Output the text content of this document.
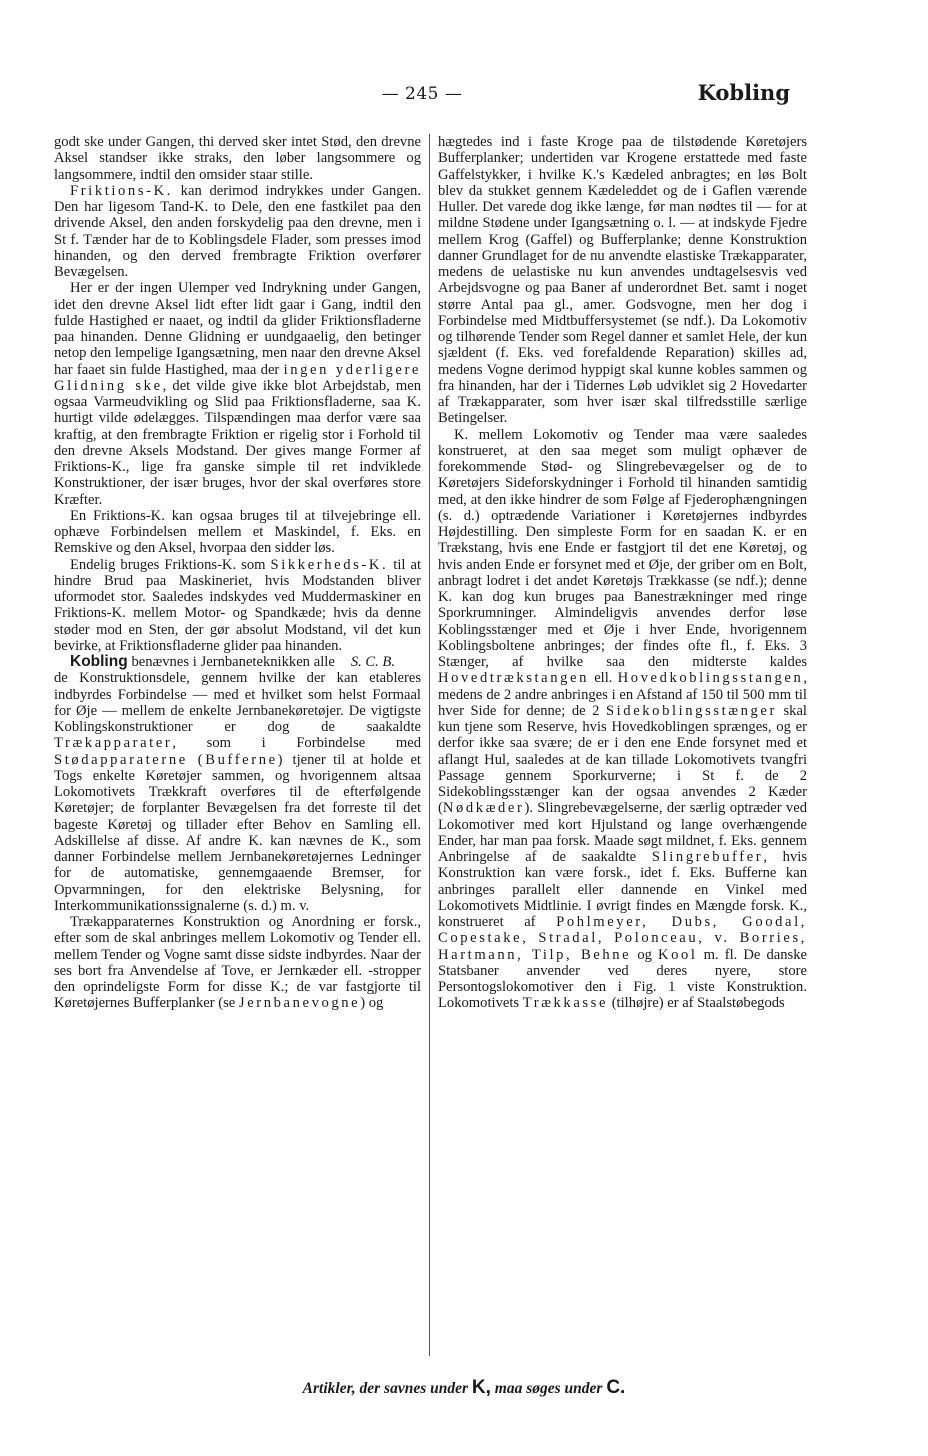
— 245 —	Kobling

godt ske under Gangen, thi derved sker intet Stød, den drevne Aksel standser ikke straks, den løber langsommere og langsommere, indtil den omsider staar stille.

Friktions-K. kan derimod indrykkes under Gangen. Den har ligesom Tand-K. to Dele, den ene fastkilet paa den drivende Aksel, den anden forskydelig paa den drevne, men i St f. Tænder har de to Koblingsdele Flader, som presses imod hinanden, og den derved frembragte Friktion overfører Bevægelsen.

Her er der ingen Ulemper ved Indrykning under Gangen, idet den drevne Aksel lidt efter lidt gaar i Gang, indtil den fulde Hastighed er naaet, og indtil da glider Friktionsfladerne paa hinanden. Denne Glidning er uundgaaelig, den betinger netop den lempelige Igangsætning, men naar den drevne Aksel har faaet sin fulde Hastighed, maa der ingen yderligere Glidning ske, det vilde give ikke blot Arbejdstab, men ogsaa Varmeudvikling og Slid paa Friktionsfladerne, saa K. hurtigt vilde ødelægges. Tilspændingen maa derfor være saa kraftig, at den frembragte Friktion er rigelig stor i Forhold til den drevne Aksels Modstand. Der gives mange Former af Friktions-K., lige fra ganske simple til ret indviklede Konstruktioner, der især bruges, hvor der skal overføres store Kræfter.

En Friktions-K. kan ogsaa bruges til at tilvejebringe ell. ophæve Forbindelsen mellem et Maskindel, f. Eks. en Remskive og den Aksel, hvorpaa den sidder løs.

Endelig bruges Friktions-K. som Sikkerheds-K. til at hindre Brud paa Maskineriet, hvis Modstanden bliver uformodet stor. Saaledes indskydes ved Muddermaskiner en Friktions-K. mellem Motor- og Spandkæde; hvis da denne støder mod en Sten, der gør absolut Modstand, vil det kun bevirke, at Friktionsfladerne glider paa hinanden.
S. C. B.

Kobling benævnes i Jernbaneteknikken alle de Konstruktionsdele, gennem hvilke der kan etableres indbyrdes Forbindelse — med et hvilket som helst Formaal for Øje — mellem de enkelte Jernbanekøretøjer. De vigtigste Koblingskonstruktioner er dog de saakaldte Trækapparater, som i Forbindelse med Stødapparaterne (Bufferne) tjener til at holde et Togs enkelte Køretøjer sammen, og hvorigennem altsaa Lokomotivets Trækkraft overføres til de efterfølgende Køretøjer; de forplanter Bevægelsen fra det forreste til det bageste Køretøj og tillader efter Behov en Samling ell. Adskillelse af disse. Af andre K. kan nævnes de K., som danner Forbindelse mellem Jernbanekøretøjernes Ledninger for de automatiske, gennemgaaende Bremser, for Opvarmningen, for den elektriske Belysning, for Interkommunikationssignalerne (s. d.) m. v.

Trækapparaternes Konstruktion og Anordning er forsk., efter som de skal anbringes mellem Lokomotiv og Tender ell. mellem Tender og Vogne samt disse sidste indbyrdes. Naar der ses bort fra Anvendelse af Tove, er Jernkæder ell. -stropper den oprindeligste Form for disse K.; de var fastgjorte til Køretøjernes Bufferplanker (se Jernbanevogne) og

hægtedes ind i faste Kroge paa de tilstødende Køretøjers Bufferplanker; undertiden var Krogene erstattede med faste Gaffelstykker, i hvilke K.'s Kædeled anbragtes; en løs Bolt blev da stukket gennem Kædeleddet og de i Gaflen værende Huller. Det varede dog ikke længe, før man nødtes til — for at mildne Stødene under Igangsætning o. l. — at indskyde Fjedre mellem Krog (Gaffel) og Bufferplanke; denne Konstruktion danner Grundlaget for de nu anvendte elastiske Trækapparater, medens de uelastiske nu kun anvendes undtagelsesvis ved Arbejdsvogne og paa Baner af underordnet Bet. samt i noget større Antal paa gl., amer. Godsvogne, men her dog i Forbindelse med Midtbuffersystemet (se ndf.). Da Lokomotiv og tilhørende Tender som Regel danner et samlet Hele, der kun sjældent (f. Eks. ved forefaldende Reparation) skilles ad, medens Vogne derimod hyppigt skal kunne kobles sammen og fra hinanden, har der i Tidernes Løb udviklet sig 2 Hovedarter af Trækapparater, som hver især skal tilfredsstille særlige Betingelser.

K. mellem Lokomotiv og Tender maa være saaledes konstrueret, at den saa meget som muligt ophæver de forekommende Stød- og Slingrebevægelser og de to Køretøjers Sideforskydninger i Forhold til hinanden samtidig med, at den ikke hindrer de som Følge af Fjederophængningen (s. d.) optrædende Variationer i Køretøjernes indbyrdes Højdestilling. Den simpleste Form for en saadan K. er en Trækstang, hvis ene Ende er fastgjort til det ene Køretøj, og hvis anden Ende er forsynet med et Øje, der griber om en Bolt, anbragt lodret i det andet Køretøjs Trækkasse (se ndf.); denne K. kan dog kun bruges paa Banestrækninger med ringe Sporkrumninger. Almindeligvis anvendes derfor løse Koblingsstænger med et Øje i hver Ende, hvorigennem Koblingsboltene anbringes; der findes ofte fl., f. Eks. 3 Stænger, af hvilke saa den midterste kaldes Hovedtrækstangen ell. Hovedkoblingsstangen, medens de 2 andre anbringes i en Afstand af 150 til 500 mm til hver Side for denne; de 2 Sidekoblingsstænger skal kun tjene som Reserve, hvis Hovedkoblingen sprænges, og er derfor ikke saa svære; de er i den ene Ende forsynet med et aflangt Hul, saaledes at de kan tillade Lokomotivets tvangfri Passage gennem Sporkurverne; i St f. de 2 Sidekoblingsstænger kan der ogsaa anvendes 2 Kæder (Nødkæder). Slingrebevægelserne, der særlig optræder ved Lokomotiver med kort Hjulstand og lange overhængende Ender, har man paa forsk. Maade søgt mildnet, f. Eks. gennem Anbringelse af de saakaldte Slingrebuffer, hvis Konstruktion kan være forsk., idet f. Eks. Bufferne kan anbringes parallelt eller dannende en Vinkel med Lokomotivets Midtlinie. I øvrigt findes en Mængde forsk. K., konstrueret af Pohlmeyer, Dubs, Goodal, Copestake, Stradal, Polonceau, v. Borries, Hartmann, Tilp, Behne og Kool m. fl. De danske Statsbaner anvender ved deres nyere, store Persontogslokomotiver den i Fig. 1 viste Konstruktion. Lokomotivets Trækkasse (tilhøjre) er af Staalstøbegods

Artikler, der savnes under K, maa søges under C.
